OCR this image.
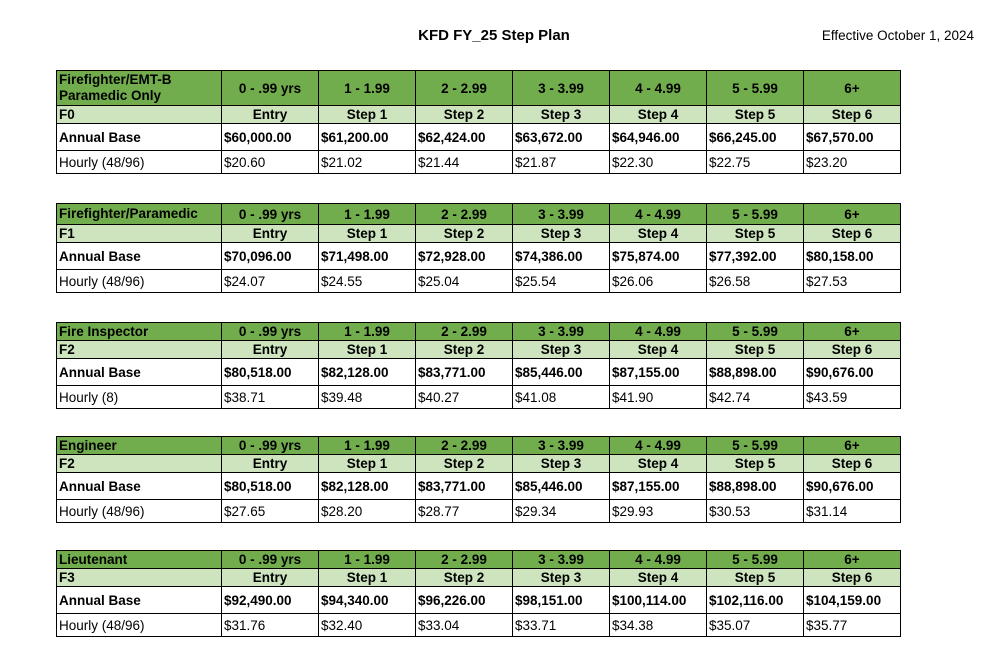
KFD FY_25 Step Plan	Effective October 1, 2024
Firefighter/EMT-B Paramedic Only	0 - .99 yrs	1 - 1.99	2 - 2.99	3 - 3.99	4 - 4.99	5 - 5.99	6+
F0	Entry	Step 1	Step 2	Step 3	Step 4	Step 5	Step 6
Annual Base	$60,000.00	$61,200.00	$62,424.00	$63,672.00	$64,946.00	$66,245.00	$67,570.00
Hourly (48/96)	$20.60	$21.02	$21.44	$21.87	$22.30	$22.75	$23.20
Firefighter/Paramedic	0 - .99 yrs	1 - 1.99	2 - 2.99	3 - 3.99	4 - 4.99	5 - 5.99	6+
F1	Entry	Step 1	Step 2	Step 3	Step 4	Step 5	Step 6
Annual Base	$70,096.00	$71,498.00	$72,928.00	$74,386.00	$75,874.00	$77,392.00	$80,158.00
Hourly (48/96)	$24.07	$24.55	$25.04	$25.54	$26.06	$26.58	$27.53
Fire Inspector	0 - .99 yrs	1 - 1.99	2 - 2.99	3 - 3.99	4 - 4.99	5 - 5.99	6+
F2	Entry	Step 1	Step 2	Step 3	Step 4	Step 5	Step 6
Annual Base	$80,518.00	$82,128.00	$83,771.00	$85,446.00	$87,155.00	$88,898.00	$90,676.00
Hourly (8)	$38.71	$39.48	$40.27	$41.08	$41.90	$42.74	$43.59
Engineer	0 - .99 yrs	1 - 1.99	2 - 2.99	3 - 3.99	4 - 4.99	5 - 5.99	6+
F2	Entry	Step 1	Step 2	Step 3	Step 4	Step 5	Step 6
Annual Base	$80,518.00	$82,128.00	$83,771.00	$85,446.00	$87,155.00	$88,898.00	$90,676.00
Hourly (48/96)	$27.65	$28.20	$28.77	$29.34	$29.93	$30.53	$31.14
Lieutenant	0 - .99 yrs	1 - 1.99	2 - 2.99	3 - 3.99	4 - 4.99	5 - 5.99	6+
F3	Entry	Step 1	Step 2	Step 3	Step 4	Step 5	Step 6
Annual Base	$92,490.00	$94,340.00	$96,226.00	$98,151.00	$100,114.00	$102,116.00	$104,159.00
Hourly (48/96)	$31.76	$32.40	$33.04	$33.71	$34.38	$35.07	$35.77
